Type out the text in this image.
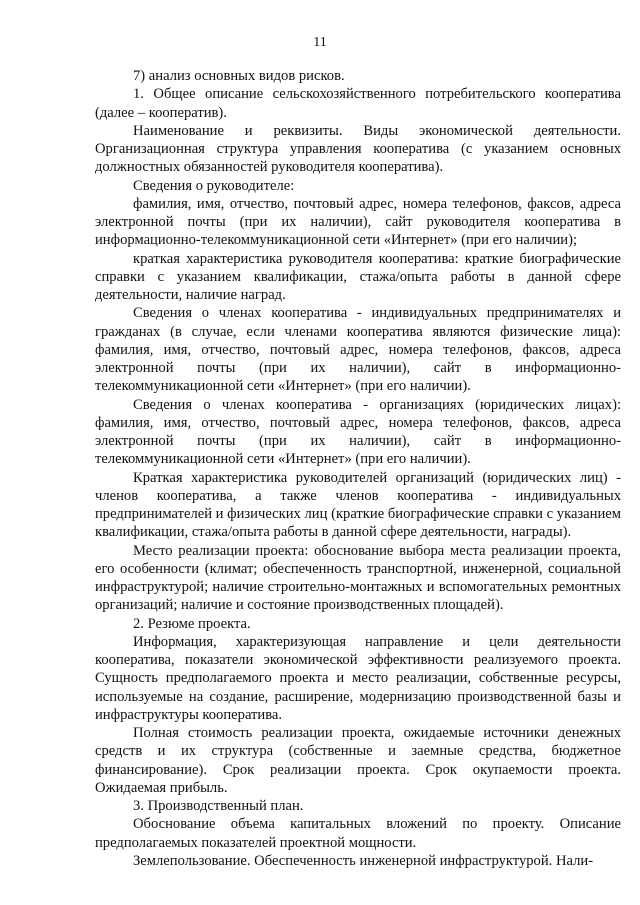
11

7) анализ основных видов рисков.

1. Общее описание сельскохозяйственного потребительского кооператива (далее – кооператив).

Наименование и реквизиты. Виды экономической деятельности. Организационная структура управления кооператива (с указанием основных должностных обязанностей руководителя кооператива).

Сведения о руководителе:

фамилия, имя, отчество, почтовый адрес, номера телефонов, факсов, адреса электронной почты (при их наличии), сайт руководителя кооператива в информационно-телекоммуникационной сети «Интернет» (при его наличии);

краткая характеристика руководителя кооператива: краткие биографические справки с указанием квалификации, стажа/опыта работы в данной сфере деятельности, наличие наград.

Сведения о членах кооператива - индивидуальных предпринимателях и гражданах (в случае, если членами кооператива являются физические лица): фамилия, имя, отчество, почтовый адрес, номера телефонов, факсов, адреса электронной почты (при их наличии), сайт в информационно-телекоммуникационной сети «Интернет» (при его наличии).

Сведения о членах кооператива - организациях (юридических лицах): фамилия, имя, отчество, почтовый адрес, номера телефонов, факсов, адреса электронной почты (при их наличии), сайт в информационно-телекоммуникационной сети «Интернет» (при его наличии).

Краткая характеристика руководителей организаций (юридических лиц) - членов кооператива, а также членов кооператива - индивидуальных предпринимателей и физических лиц (краткие биографические справки с указанием квалификации, стажа/опыта работы в данной сфере деятельности, награды).

Место реализации проекта: обоснование выбора места реализации проекта, его особенности (климат; обеспеченность транспортной, инженерной, социальной инфраструктурой; наличие строительно-монтажных и вспомогательных ремонтных организаций; наличие и состояние производственных площадей).

2. Резюме проекта.

Информация, характеризующая направление и цели деятельности кооператива, показатели экономической эффективности реализуемого проекта. Сущность предполагаемого проекта и место реализации, собственные ресурсы, используемые на создание, расширение, модернизацию производственной базы и инфраструктуры кооператива.

Полная стоимость реализации проекта, ожидаемые источники денежных средств и их структура (собственные и заемные средства, бюджетное финансирование). Срок реализации проекта. Срок окупаемости проекта. Ожидаемая прибыль.

3. Производственный план.

Обоснование объема капитальных вложений по проекту. Описание предполагаемых показателей проектной мощности.

Землепользование. Обеспеченность инженерной инфраструктурой. Нали-
